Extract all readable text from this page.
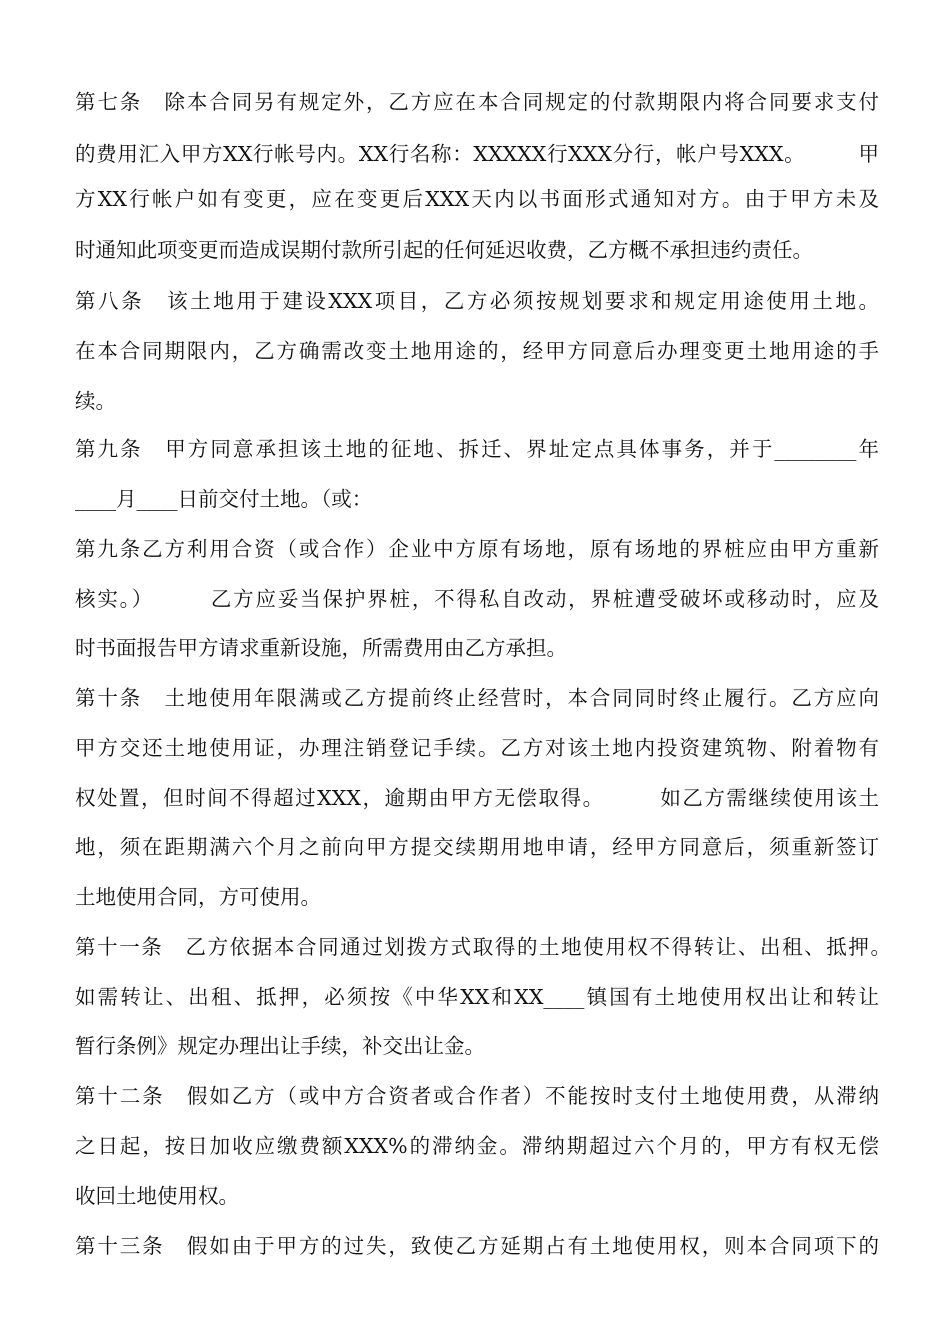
第七条　除本合同另有规定外，乙方应在本合同规定的付款期限内将合同要求支付
的费用汇入甲方XX行帐号内。XX行名称：XXXXX行XXX分行，帐户号XXX。　　　甲
方XX行帐户如有变更，应在变更后XXX天内以书面形式通知对方。由于甲方未及
时通知此项变更而造成误期付款所引起的任何延迟收费，乙方概不承担违约责任。
第八条　该土地用于建设XXX项目，乙方必须按规划要求和规定用途使用土地。
在本合同期限内，乙方确需改变土地用途的，经甲方同意后办理变更土地用途的手
续。
第九条　甲方同意承担该土地的征地、拆迁、界址定点具体事务，并于________年
____月____日前交付土地。（或：
第九条乙方利用合资（或合作）企业中方原有场地，原有场地的界桩应由甲方重新
核实。）　　　乙方应妥当保护界桩，不得私自改动，界桩遭受破坏或移动时，应及
时书面报告甲方请求重新设施，所需费用由乙方承担。
第十条　土地使用年限满或乙方提前终止经营时，本合同同时终止履行。乙方应向
甲方交还土地使用证，办理注销登记手续。乙方对该土地内投资建筑物、附着物有
权处置，但时间不得超过XXX，逾期由甲方无偿取得。　　　如乙方需继续使用该土
地，须在距期满六个月之前向甲方提交续期用地申请，经甲方同意后，须重新签订
土地使用合同，方可使用。
第十一条　乙方依据本合同通过划拨方式取得的土地使用权不得转让、出租、抵押。
如需转让、出租、抵押，必须按《中华XX和XX____镇国有土地使用权出让和转让
暂行条例》规定办理出让手续，补交出让金。
第十二条　假如乙方（或中方合资者或合作者）不能按时支付土地使用费，从滞纳
之日起，按日加收应缴费额XXX%的滞纳金。滞纳期超过六个月的，甲方有权无偿
收回土地使用权。
第十三条　假如由于甲方的过失，致使乙方延期占有土地使用权，则本合同项下的
